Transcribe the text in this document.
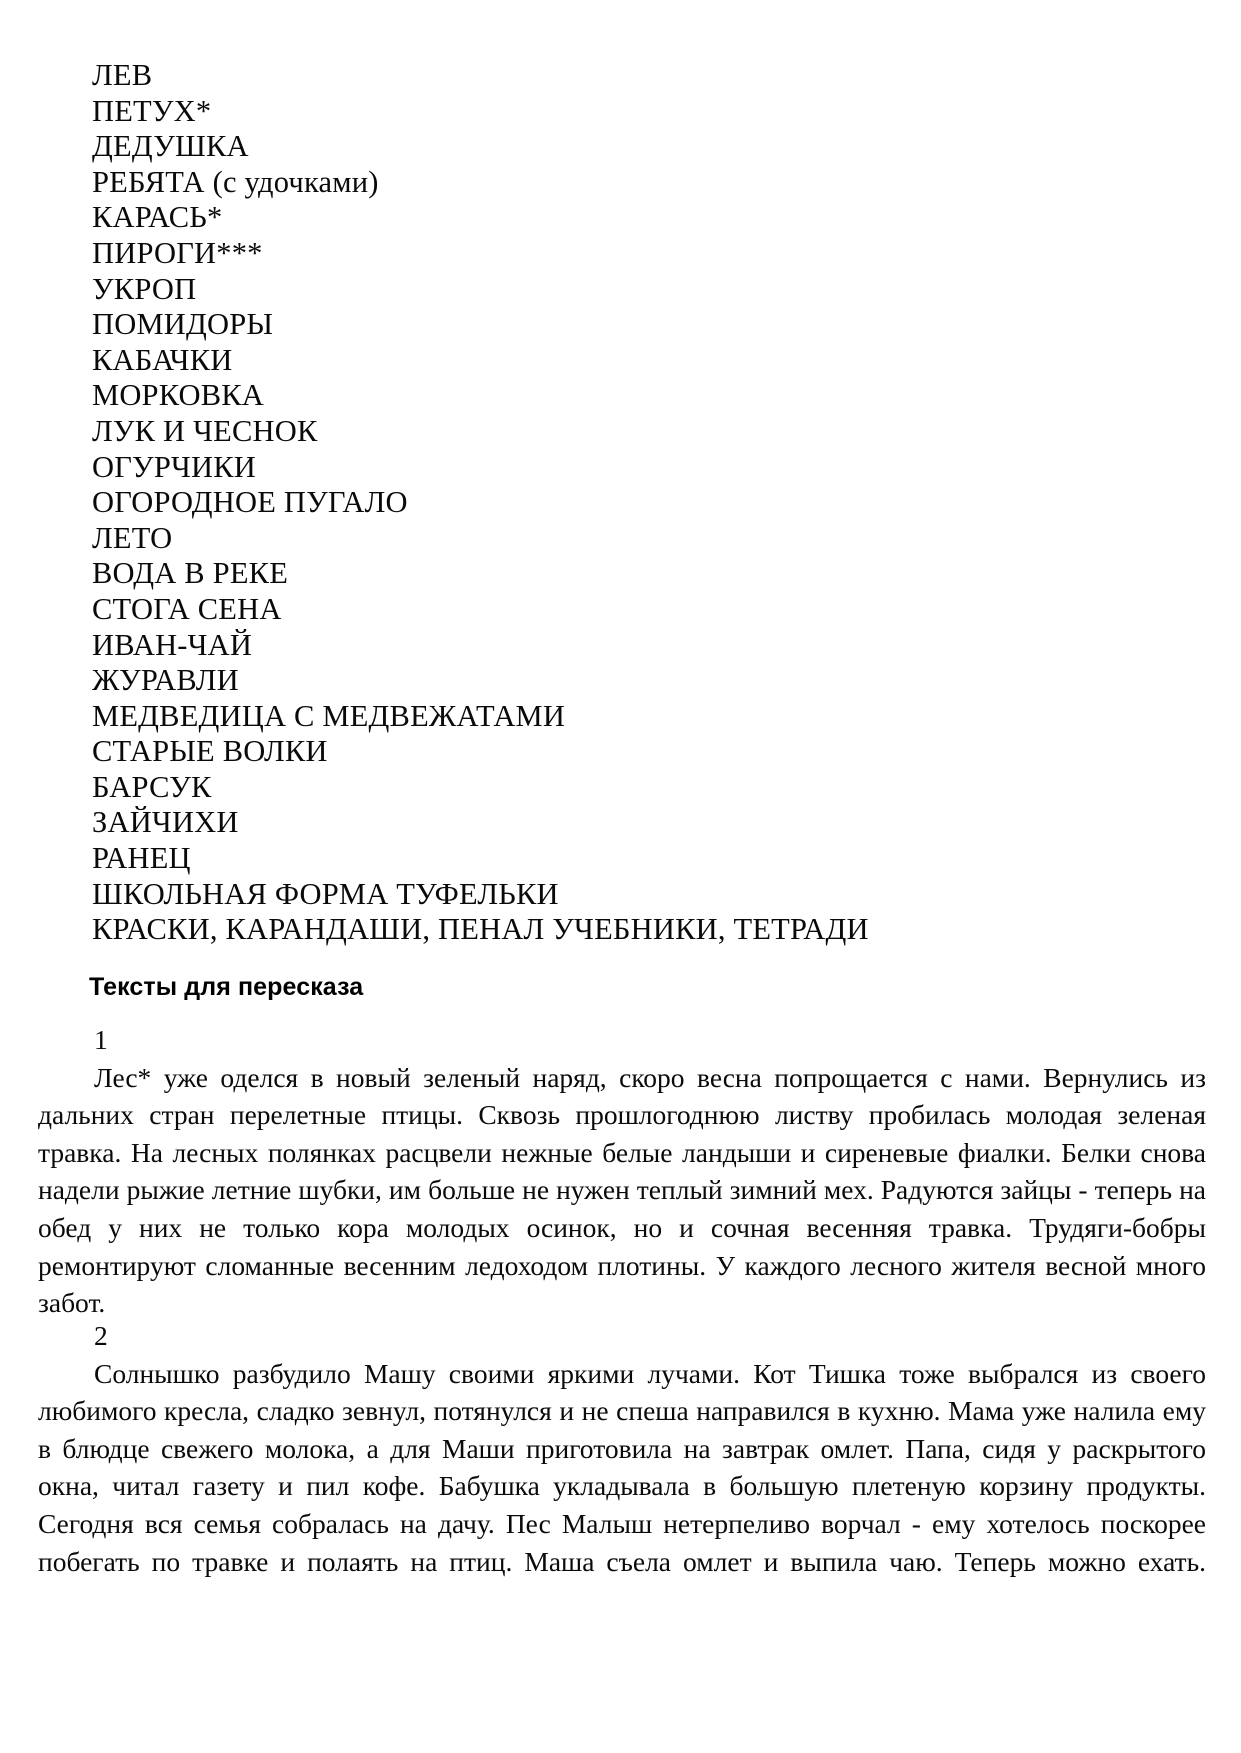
ЛЕВ
ПЕТУХ*
ДЕДУШКА
РЕБЯТА (с удочками)
КАРАСЬ*
ПИРОГИ***
УКРОП
ПОМИДОРЫ
КАБАЧКИ
МОРКОВКА
ЛУК И ЧЕСНОК
ОГУРЧИКИ
ОГОРОДНОЕ ПУГАЛО
ЛЕТО
ВОДА В РЕКЕ
СТОГА СЕНА
ИВАН-ЧАЙ
ЖУРАВЛИ
МЕДВЕДИЦА С МЕДВЕЖАТАМИ
СТАРЫЕ ВОЛКИ
БАРСУК
ЗАЙЧИХИ
РАНЕЦ
ШКОЛЬНАЯ ФОРМА ТУФЕЛЬКИ
КРАСКИ, КАРАНДАШИ, ПЕНАЛ УЧЕБНИКИ, ТЕТРАДИ
Тексты для пересказа
1
Лес* уже оделся в новый зеленый наряд, скоро весна попрощается с нами. Вернулись из дальних стран перелетные птицы. Сквозь прошлогоднюю листву пробилась молодая зеленая травка. На лесных полянках расцвели нежные белые ландыши и сиреневые фиалки. Белки снова надели рыжие летние шубки, им больше не нужен теплый зимний мех. Радуются зайцы - теперь на обед у них не только кора молодых осинок, но и сочная весенняя травка. Трудяги-бобры ремонтируют сломанные весенним ледоходом плотины. У каждого лесного жителя весной много забот.
2
Солнышко разбудило Машу своими яркими лучами. Кот Тишка тоже выбрался из своего любимого кресла, сладко зевнул, потянулся и не спеша направился в кухню. Мама уже налила ему в блюдце свежего молока, а для Маши приготовила на завтрак омлет. Папа, сидя у раскрытого окна, читал газету и пил кофе. Бабушка укладывала в большую плетеную корзину продукты. Сегодня вся семья собралась на дачу. Пес Малыш нетерпеливо ворчал - ему хотелось поскорее побегать по травке и полаять на птиц. Маша съела омлет и выпила чаю. Теперь можно ехать.
